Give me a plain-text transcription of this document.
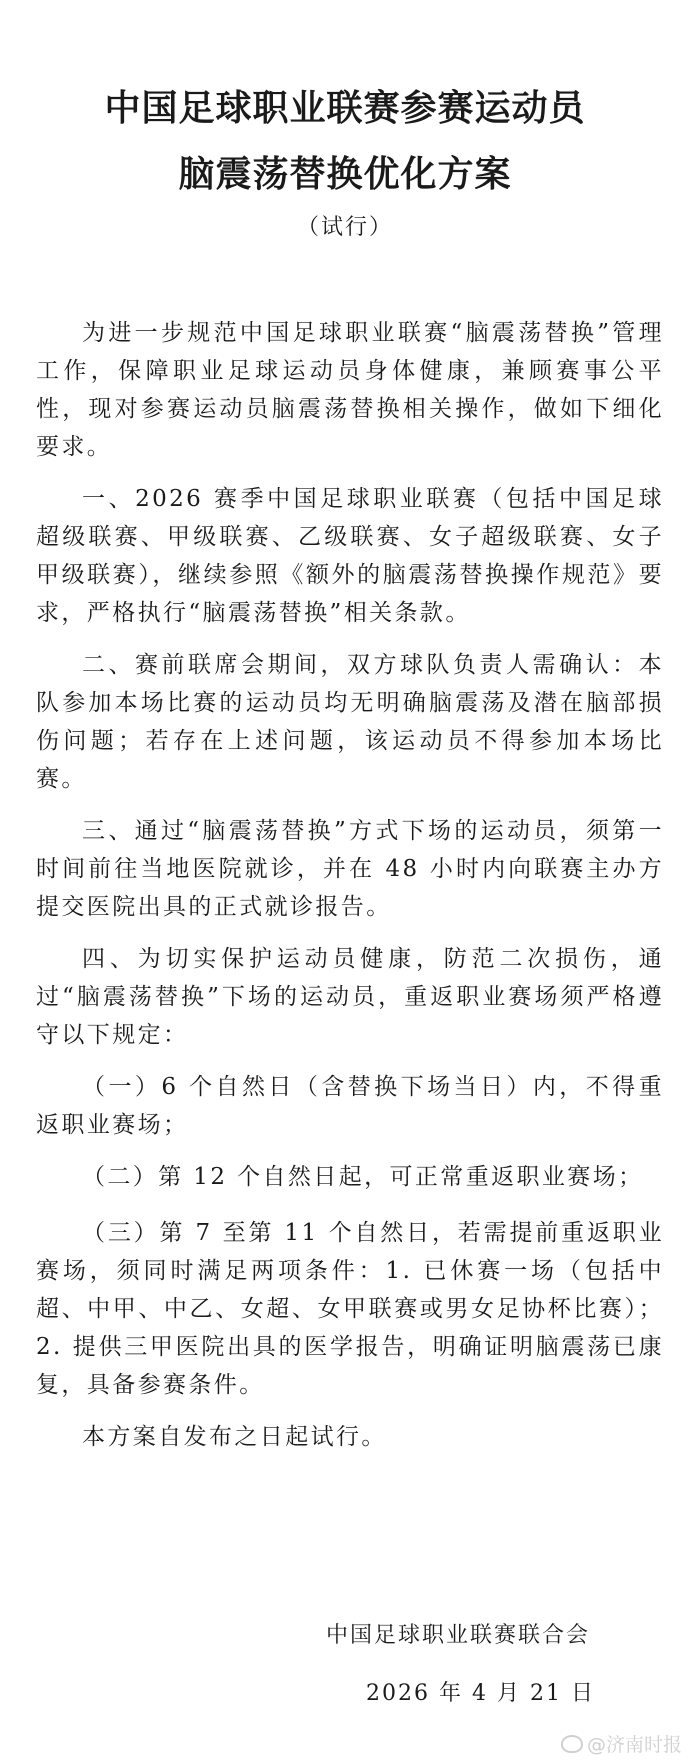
中国足球职业联赛参赛运动员
脑震荡替换优化方案
（试行）

为进一步规范中国足球职业联赛“脑震荡替换”管理工作，保障职业足球运动员身体健康，兼顾赛事公平性，现对参赛运动员脑震荡替换相关操作，做如下细化要求。

一、2026 赛季中国足球职业联赛（包括中国足球超级联赛、甲级联赛、乙级联赛、女子超级联赛、女子甲级联赛），继续参照《额外的脑震荡替换操作规范》要求，严格执行“脑震荡替换”相关条款。

二、赛前联席会期间，双方球队负责人需确认：本队参加本场比赛的运动员均无明确脑震荡及潜在脑部损伤问题；若存在上述问题，该运动员不得参加本场比赛。

三、通过“脑震荡替换”方式下场的运动员，须第一时间前往当地医院就诊，并在 48 小时内向联赛主办方提交医院出具的正式就诊报告。

四、为切实保护运动员健康，防范二次损伤，通过“脑震荡替换”下场的运动员，重返职业赛场须严格遵守以下规定：

（一）6 个自然日（含替换下场当日）内，不得重返职业赛场；

（二）第 12 个自然日起，可正常重返职业赛场；

（三）第 7 至第 11 个自然日，若需提前重返职业赛场，须同时满足两项条件：1. 已休赛一场（包括中超、中甲、中乙、女超、女甲联赛或男女足协杯比赛）；2. 提供三甲医院出具的医学报告，明确证明脑震荡已康复，具备参赛条件。

本方案自发布之日起试行。

中国足球职业联赛联合会
2026 年 4 月 21 日
@济南时报
